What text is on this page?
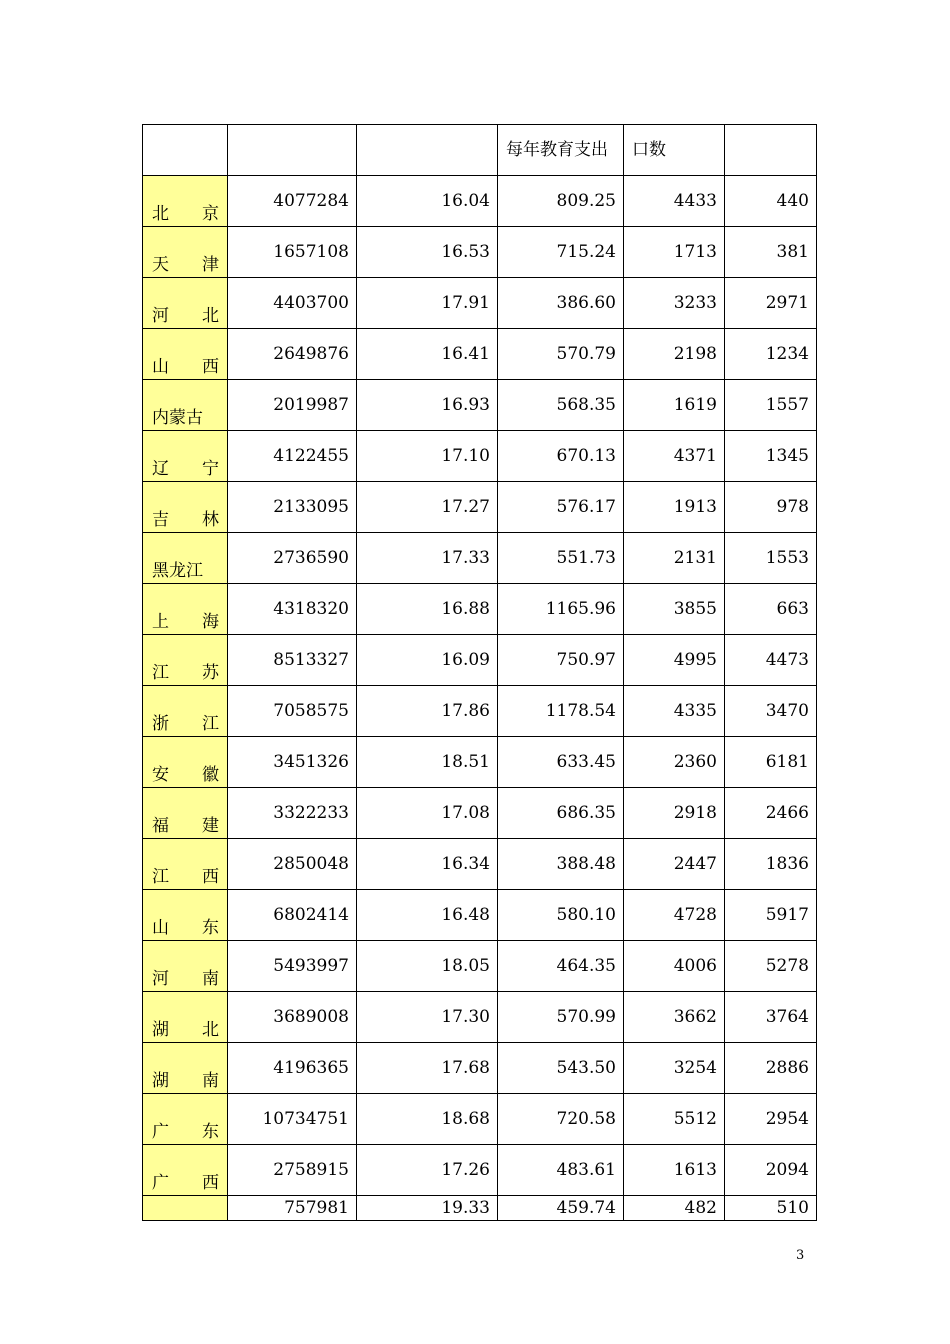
			每年教育支出	口数	

北 京	4077284	16.04	809.25	4433	440

天 津	1657108	16.53	715.24	1713	381

河 北	4403700	17.91	386.60	3233	2971

山 西	2649876	16.41	570.79	2198	1234

内蒙古	2019987	16.93	568.35	1619	1557

辽 宁	4122455	17.10	670.13	4371	1345

吉 林	2133095	17.27	576.17	1913	978

黑龙江	2736590	17.33	551.73	2131	1553

上 海	4318320	16.88	1165.96	3855	663

江 苏	8513327	16.09	750.97	4995	4473

浙 江	7058575	17.86	1178.54	4335	3470

安 徽	3451326	18.51	633.45	2360	6181

福 建	3322233	17.08	686.35	2918	2466

江 西	2850048	16.34	388.48	2447	1836

山 东	6802414	16.48	580.10	4728	5917

河 南	5493997	18.05	464.35	4006	5278

湖 北	3689008	17.30	570.99	3662	3764

湖 南	4196365	17.68	543.50	3254	2886

广 东	10734751	18.68	720.58	5512	2954

广 西	2758915	17.26	483.61	1613	2094
	757981	19.33	459.74	482	510
3
